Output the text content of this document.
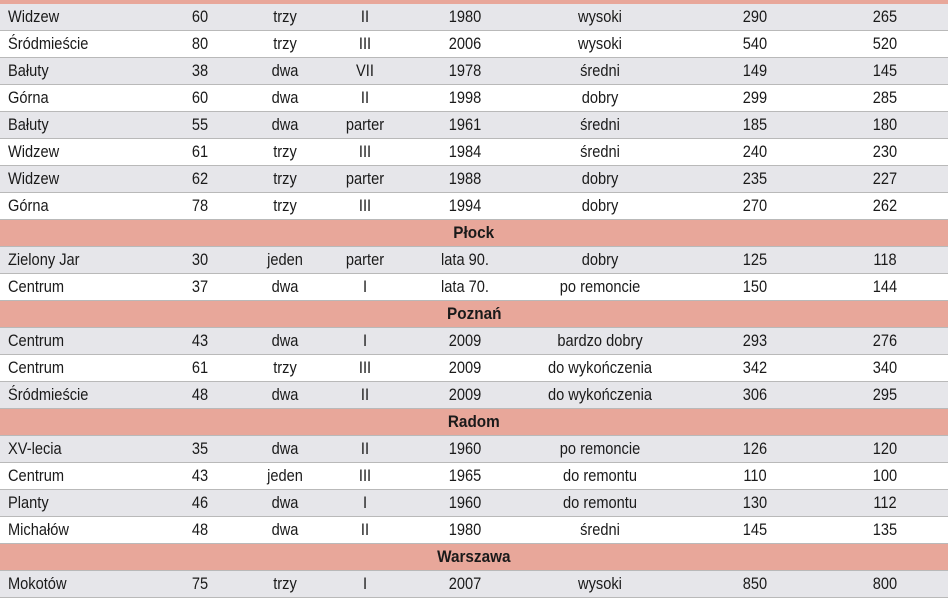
Widzew	60	trzy	II	1980	wysoki	290	265
Śródmieście	80	trzy	III	2006	wysoki	540	520
Bałuty	38	dwa	VII	1978	średni	149	145
Górna	60	dwa	II	1998	dobry	299	285
Bałuty	55	dwa	parter	1961	średni	185	180
Widzew	61	trzy	III	1984	średni	240	230
Widzew	62	trzy	parter	1988	dobry	235	227
Górna	78	trzy	III	1994	dobry	270	262
Płock
Zielony Jar	30	jeden	parter	lata 90.	dobry	125	118
Centrum	37	dwa	I	lata 70.	po remoncie	150	144
Poznań
Centrum	43	dwa	I	2009	bardzo dobry	293	276
Centrum	61	trzy	III	2009	do wykończenia	342	340
Śródmieście	48	dwa	II	2009	do wykończenia	306	295
Radom
XV-lecia	35	dwa	II	1960	po remoncie	126	120
Centrum	43	jeden	III	1965	do remontu	110	100
Planty	46	dwa	I	1960	do remontu	130	112
Michałów	48	dwa	II	1980	średni	145	135
Warszawa
Mokotów	75	trzy	I	2007	wysoki	850	800
